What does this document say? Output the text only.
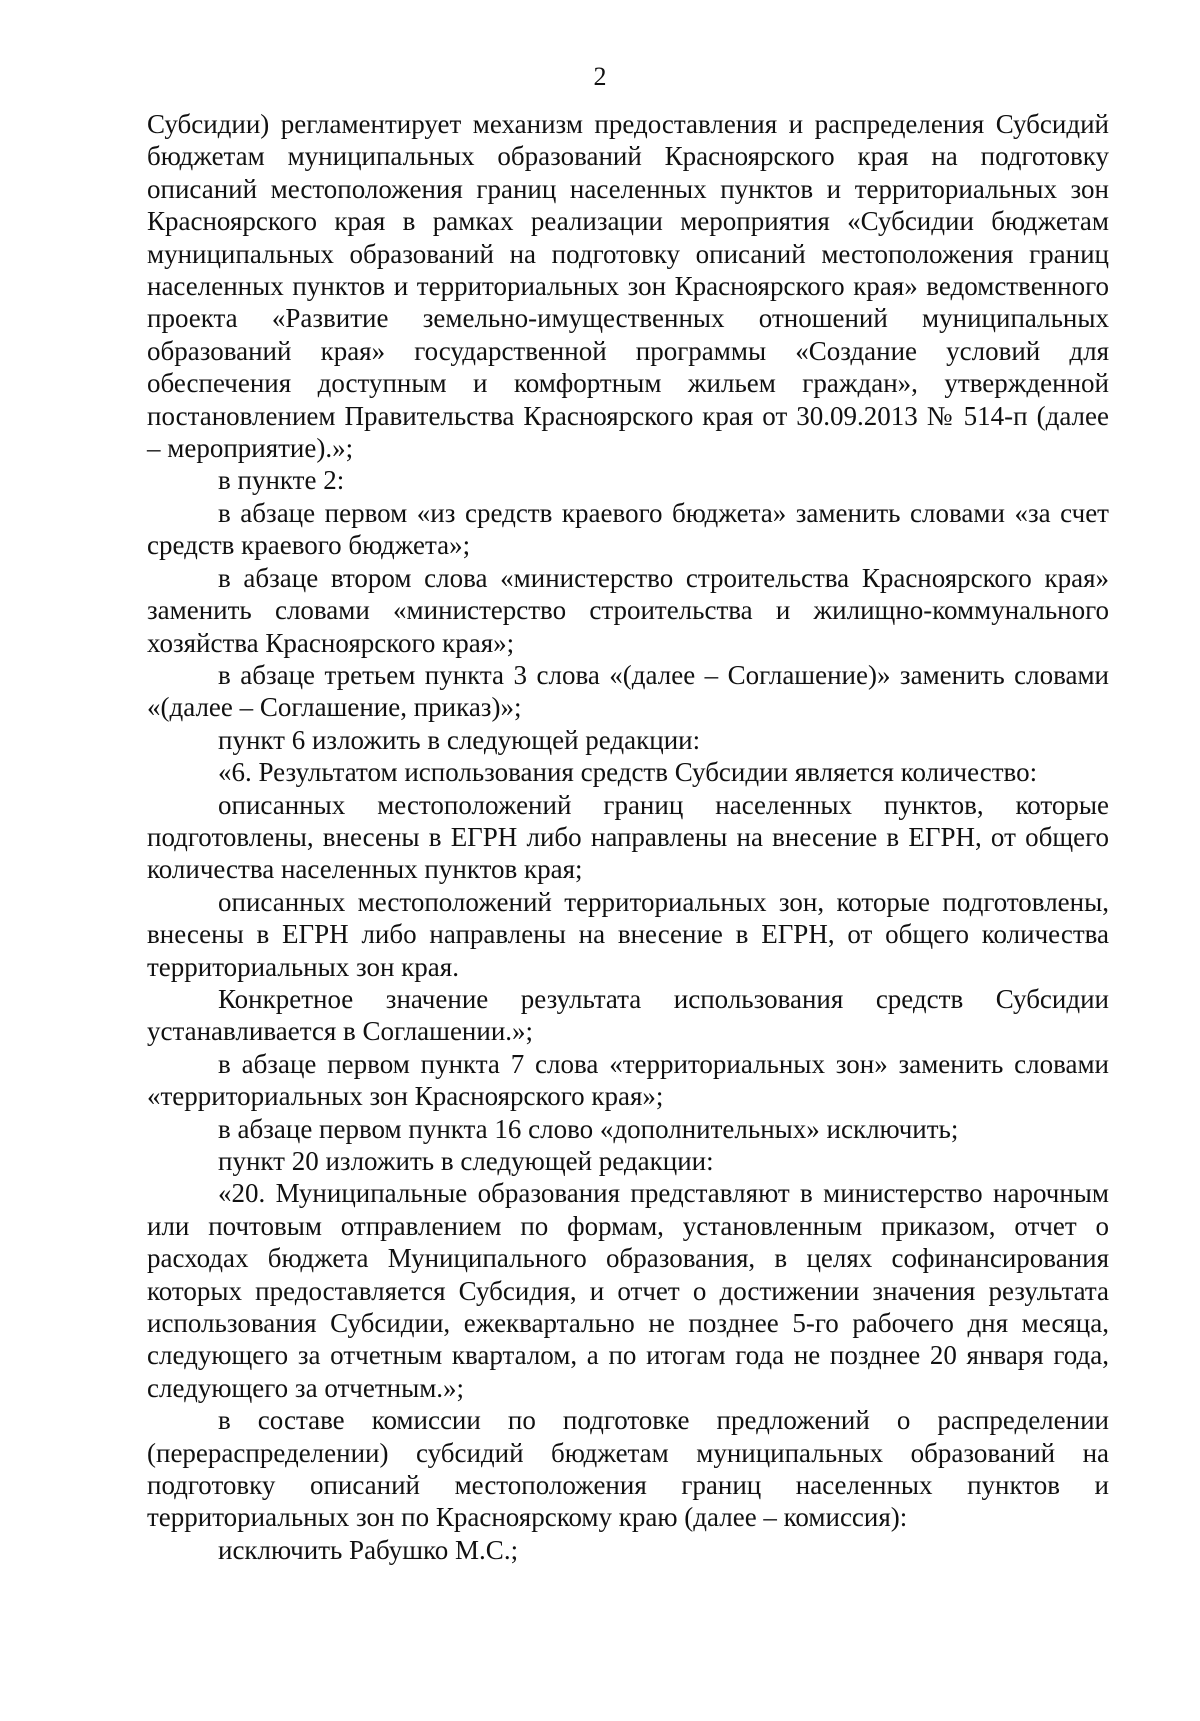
2

Субсидии) регламентирует механизм предоставления и распределения Субсидий бюджетам муниципальных образований Красноярского края на подготовку описаний местоположения границ населенных пунктов и территориальных зон Красноярского края в рамках реализации мероприятия «Субсидии бюджетам муниципальных образований на подготовку описаний местоположения границ населенных пунктов и территориальных зон Красноярского края» ведомственного проекта «Развитие земельно-имущественных отношений муниципальных образований края» государственной программы «Создание условий для обеспечения доступным и комфортным жильем граждан», утвержденной постановлением Правительства Красноярского края от 30.09.2013 № 514-п (далее – мероприятие).»;

в пункте 2:

в абзаце первом «из средств краевого бюджета» заменить словами «за счет средств краевого бюджета»;

в абзаце втором слова «министерство строительства Красноярского края» заменить словами «министерство строительства и жилищно-коммунального хозяйства Красноярского края»;

в абзаце третьем пункта 3 слова «(далее – Соглашение)» заменить словами «(далее – Соглашение, приказ)»;

пункт 6 изложить в следующей редакции:

«6. Результатом использования средств Субсидии является количество:

описанных местоположений границ населенных пунктов, которые подготовлены, внесены в ЕГРН либо направлены на внесение в ЕГРН, от общего количества населенных пунктов края;

описанных местоположений территориальных зон, которые подготовлены, внесены в ЕГРН либо направлены на внесение в ЕГРН, от общего количества территориальных зон края.

Конкретное значение результата использования средств Субсидии устанавливается в Соглашении.»;

в абзаце первом пункта 7 слова «территориальных зон» заменить словами «территориальных зон Красноярского края»;

в абзаце первом пункта 16 слово «дополнительных» исключить;

пункт 20 изложить в следующей редакции:

«20. Муниципальные образования представляют в министерство нарочным или почтовым отправлением по формам, установленным приказом, отчет о расходах бюджета Муниципального образования, в целях софинансирования которых предоставляется Субсидия, и отчет о достижении значения результата использования Субсидии, ежеквартально не позднее 5-го рабочего дня месяца, следующего за отчетным кварталом, а по итогам года не позднее 20 января года, следующего за отчетным.»;

в составе комиссии по подготовке предложений о распределении (перераспределении) субсидий бюджетам муниципальных образований на подготовку описаний местоположения границ населенных пунктов и территориальных зон по Красноярскому краю (далее – комиссия):

исключить Рабушко М.С.;
